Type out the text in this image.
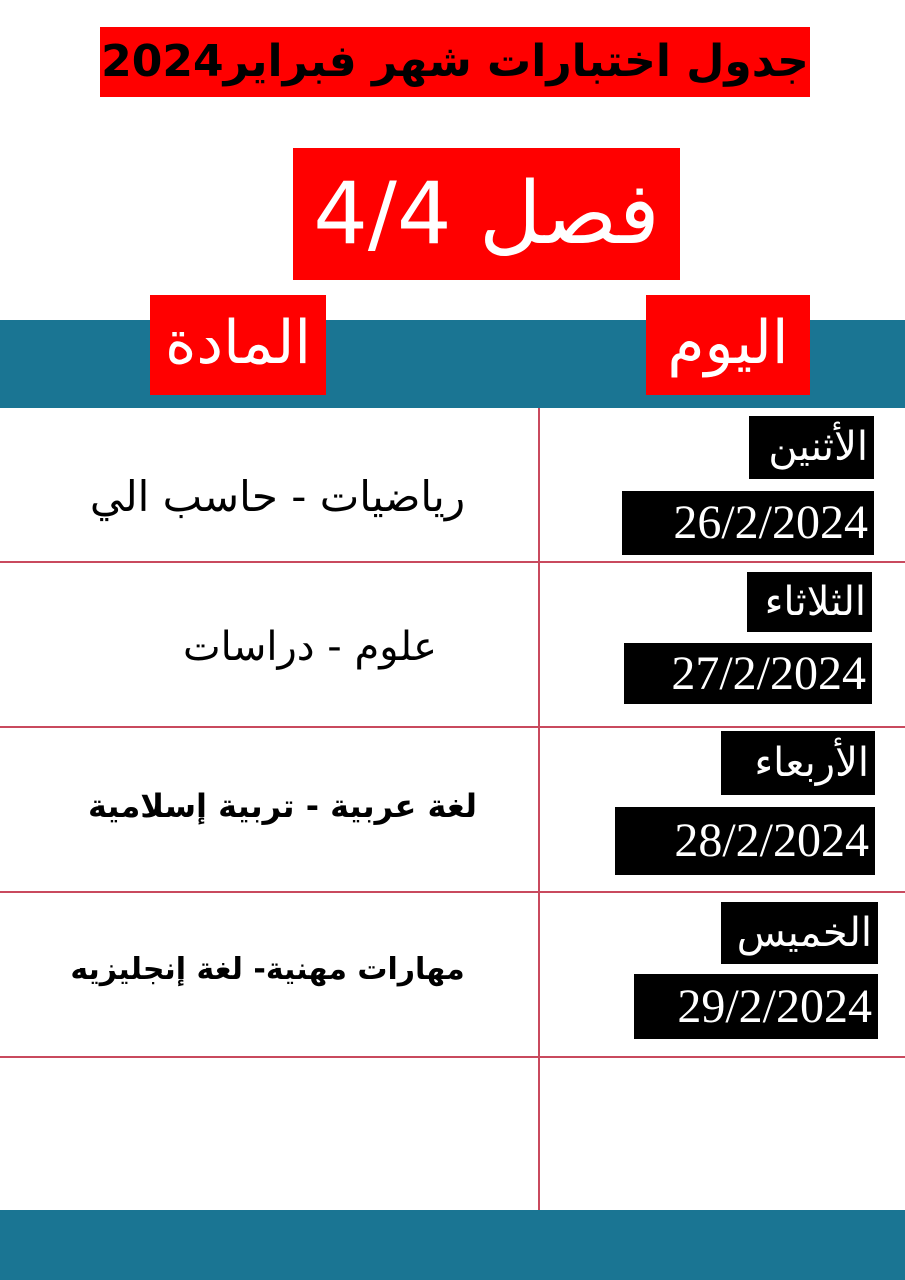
جدول اختبارات شهر فبراير2024
فصل 4/4
المادة	اليوم
الأثنين
26/2/2024
رياضيات - حاسب الي
الثلاثاء
27/2/2024
علوم - دراسات
الأربعاء
28/2/2024
لغة عربية - تربية إسلامية
الخميس
29/2/2024
مهارات مهنية- لغة إنجليزيه
